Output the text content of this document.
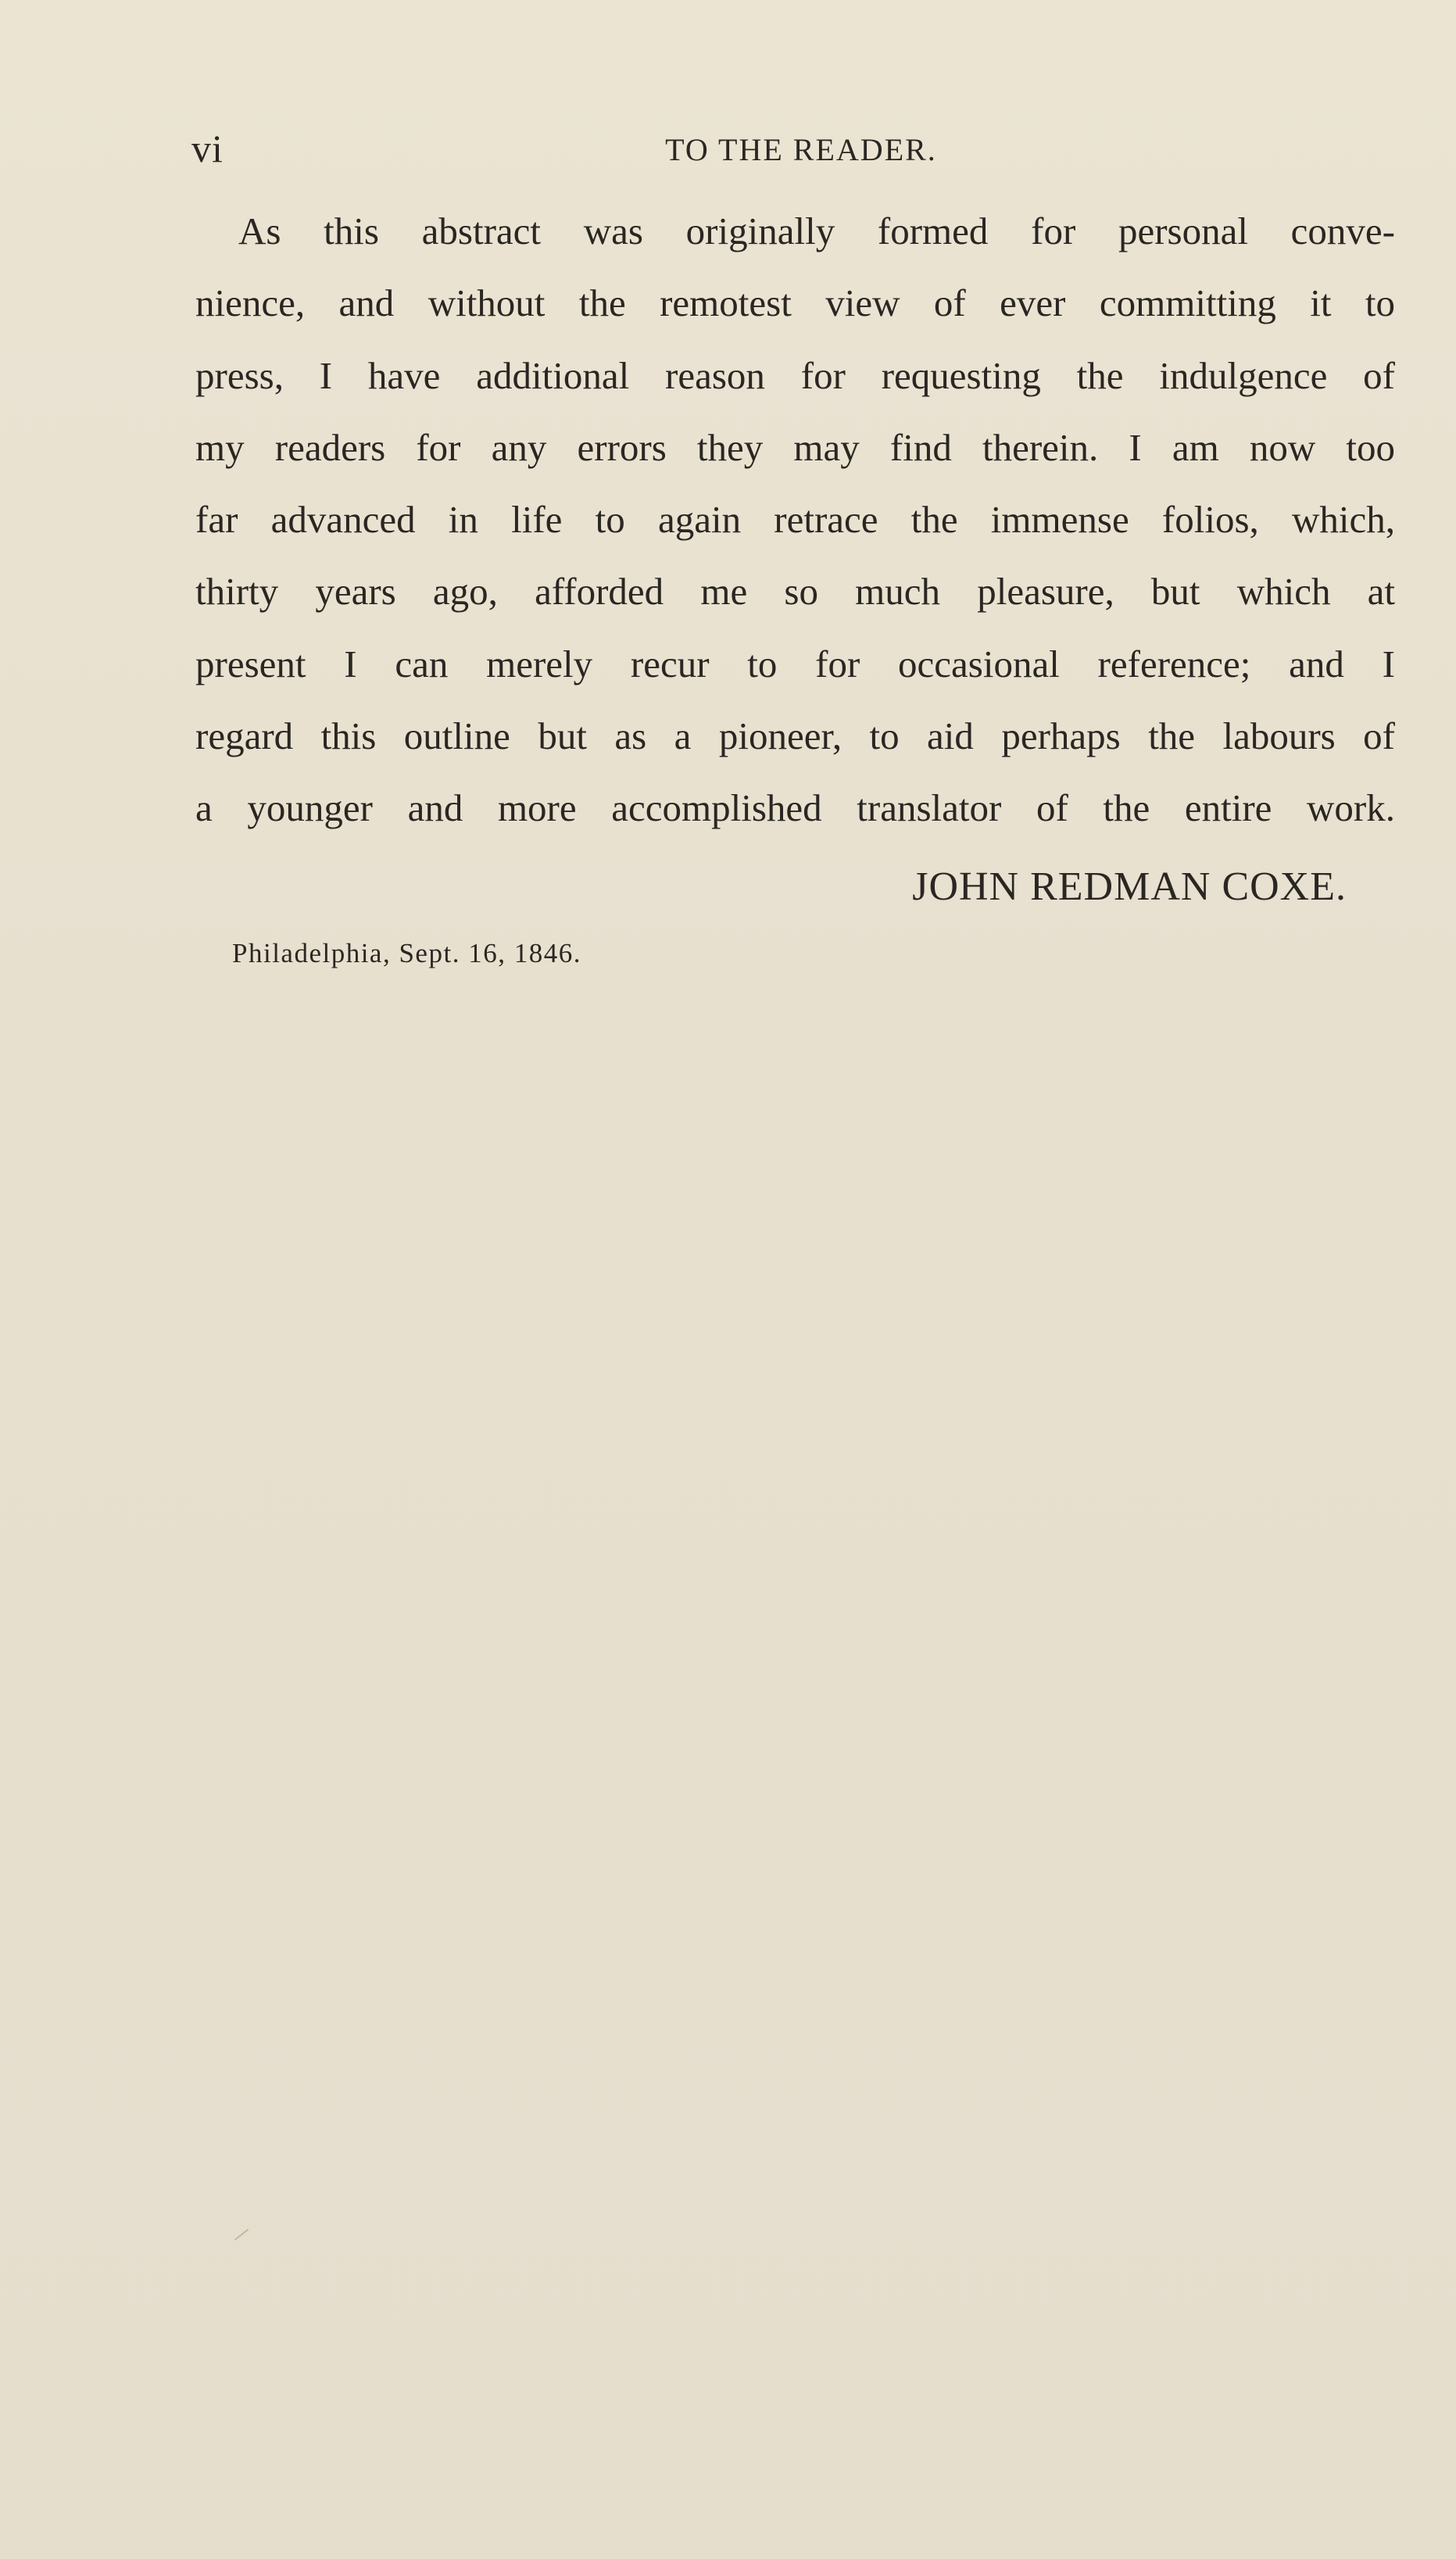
vi	TO THE READER.
As this abstract was originally formed for personal conve-
nience, and without the remotest view of ever committing it to
press, I have additional reason for requesting the indulgence of
my readers for any errors they may find therein. I am now too
far advanced in life to again retrace the immense folios, which,
thirty years ago, afforded me so much pleasure, but which at
present I can merely recur to for occasional reference; and I
regard this outline but as a pioneer, to aid perhaps the labours of
a younger and more accomplished translator of the entire work.
JOHN REDMAN COXE.
Philadelphia, Sept. 16, 1846.
